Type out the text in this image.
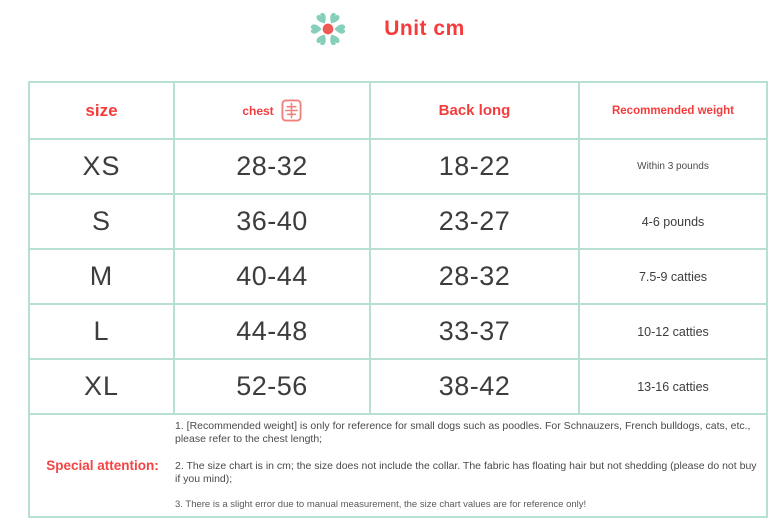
Unit cm
size	chest	Back long	Recommended weight
XS	28-32	18-22	Within 3 pounds
S	36-40	23-27	4-6 pounds
M	40-44	28-32	7.5-9 catties
L	44-48	33-37	10-12 catties
XL	52-56	38-42	13-16 catties
Special attention:
1. [Recommended weight] is only for reference for small dogs such as poodles. For Schnauzers, French bulldogs, cats, etc., please refer to the chest length;
2. The size chart is in cm; the size does not include the collar. The fabric has floating hair but not shedding (please do not buy if you mind);
3. There is a slight error due to manual measurement, the size chart values are for reference only!
